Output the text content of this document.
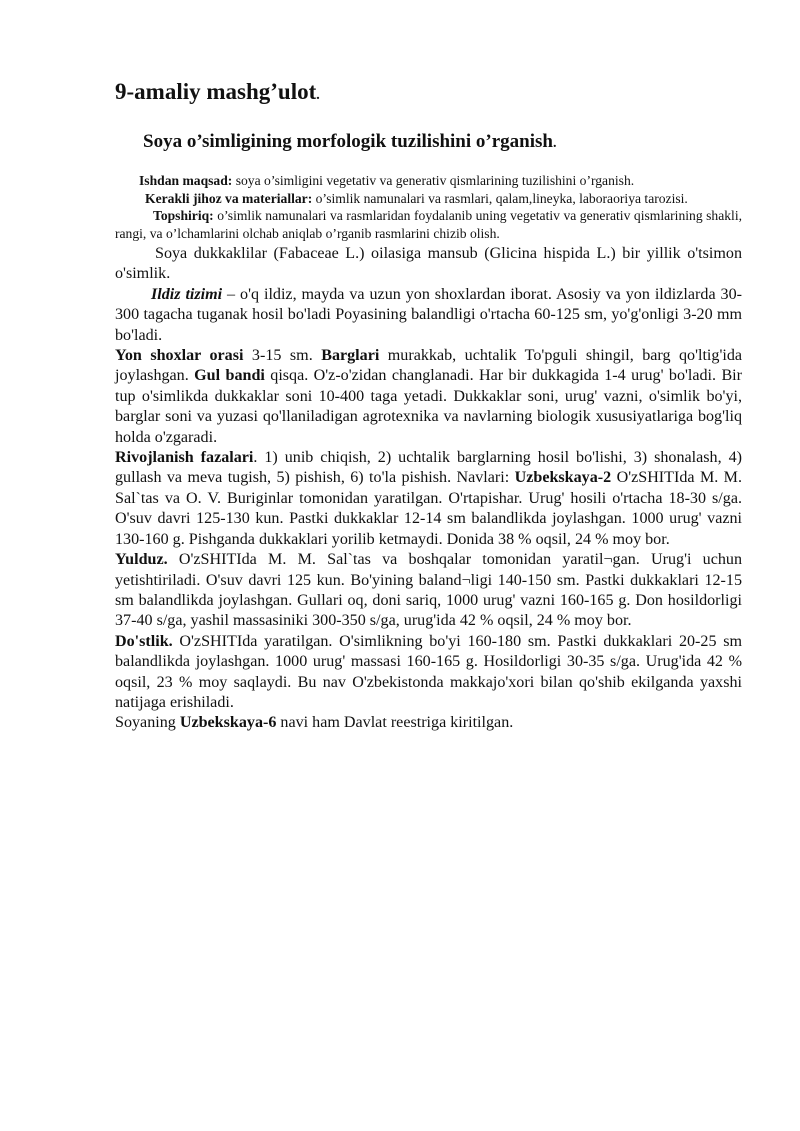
9-amaliy mashg’ulot.

Soya o’simligining morfologik tuzilishini o’rganish.

Ishdan maqsad: soya o’simligini vegetativ va generativ qismlarining tuzilishini o’rganish.

Kerakli jihoz va materiallar: o’simlik namunalari va rasmlari, qalam,lineyka, laboraoriya tarozisi.

Topshiriq: o’simlik namunalari va rasmlaridan foydalanib uning vegetativ va generativ qismlarining shakli, rangi, va o’lchamlarini olchab aniqlab o’rganib rasmlarini chizib olish.

Soya dukkaklilar (Fabaceae L.) oilasiga mansub (Glicina hispida L.) bir yillik o'tsimon o'simlik.

Ildiz tizimi – o'q ildiz, mayda va uzun yon shoxlardan iborat. Asosiy va yon ildizlarda 30-300 tagacha tuganak hosil bo'ladi Poyasining balandligi o'rtacha 60-125 sm, yo'g'onligi 3-20 mm bo'ladi.

Yon shoxlar orasi 3-15 sm. Barglari murakkab, uchtalik To'pguli shingil, barg qo'ltig'ida joylashgan. Gul bandi qisqa. O'z-o'zidan changlanadi. Har bir dukkagida 1-4 urug' bo'ladi. Bir tup o'simlikda dukkaklar soni 10-400 taga yetadi. Dukkaklar soni, urug' vazni, o'simlik bo'yi, barglar soni va yuzasi qo'llaniladigan agrotexnika va navlarning biologik xususiyatlariga bog'liq holda o'zgaradi.

Rivojlanish fazalari. 1) unib chiqish, 2) uchtalik barglarning hosil bo'lishi, 3) shonalash, 4) gullash va meva tugish, 5) pishish, 6) to'la pishish. Navlari: Uzbekskaya-2 O'zSHITIda M. M. Sal`tas va O. V. Buriginlar tomonidan yaratilgan. O'rtapishar. Urug' hosili o'rtacha 18-30 s/ga. O'suv davri 125-130 kun. Pastki dukkaklar 12-14 sm balandlikda joylashgan. 1000 urug' vazni 130-160 g. Pishganda dukkaklari yorilib ketmaydi. Donida 38 % oqsil, 24 % moy bor.

Yulduz. O'zSHITIda M. M. Sal`tas va boshqalar tomonidan yaratil¬gan. Urug'i uchun yetishtiriladi. O'suv davri 125 kun. Bo'yining baland¬ligi 140-150 sm. Pastki dukkaklari 12-15 sm balandlikda joylashgan. Gullari oq, doni sariq, 1000 urug' vazni 160-165 g. Don hosildorligi 37-40 s/ga, yashil massasiniki 300-350 s/ga, urug'ida 42 % oqsil, 24 % moy bor.

Do'stlik. O'zSHITIda yaratilgan. O'simlikning bo'yi 160-180 sm. Pastki dukkaklari 20-25 sm balandlikda joylashgan. 1000 urug' massasi 160-165 g. Hosildorligi 30-35 s/ga. Urug'ida 42 % oqsil, 23 % moy saqlaydi. Bu nav O'zbekistonda makkajo'xori bilan qo'shib ekilganda yaxshi natijaga erishiladi.

Soyaning Uzbekskaya-6 navi ham Davlat reestriga kiritilgan.
